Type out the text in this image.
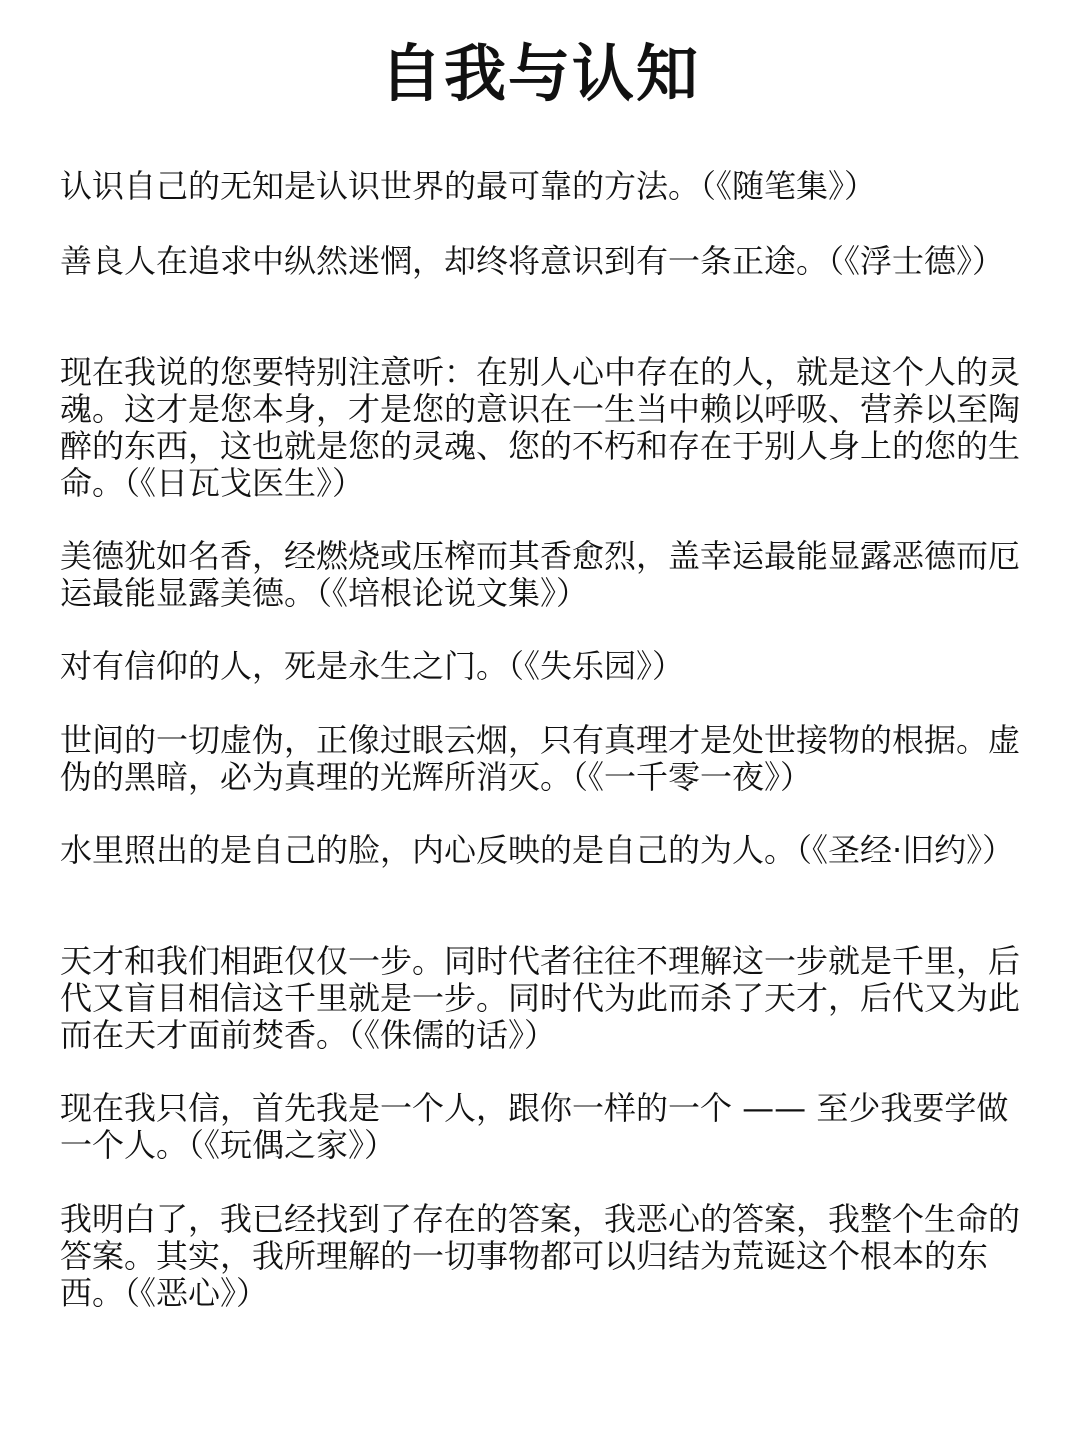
自我与认知

认识自己的无知是认识世界的最可靠的方法。（《随笔集》）

善良人在追求中纵然迷惘，却终将意识到有一条正途。（《浮士德》）

现在我说的您要特别注意听：在别人心中存在的人，就是这个人的灵魂。这才是您本身，才是您的意识在一生当中赖以呼吸、营养以至陶醉的东西，这也就是您的灵魂、您的不朽和存在于别人身上的您的生命。（《日瓦戈医生》）

美德犹如名香，经燃烧或压榨而其香愈烈，盖幸运最能显露恶德而厄运最能显露美德。（《培根论说文集》）

对有信仰的人，死是永生之门。（《失乐园》）

世间的一切虚伪，正像过眼云烟，只有真理才是处世接物的根据。虚伪的黑暗，必为真理的光辉所消灭。（《一千零一夜》）

水里照出的是自己的脸，内心反映的是自己的为人。（《圣经·旧约》）

天才和我们相距仅仅一步。同时代者往往不理解这一步就是千里，后代又盲目相信这千里就是一步。同时代为此而杀了天才，后代又为此而在天才面前焚香。（《侏儒的话》）

现在我只信，首先我是一个人，跟你一样的一个 —— 至少我要学做一个人。（《玩偶之家》）

我明白了，我已经找到了存在的答案，我恶心的答案，我整个生命的答案。其实，我所理解的一切事物都可以归结为荒诞这个根本的东西。（《恶心》）
